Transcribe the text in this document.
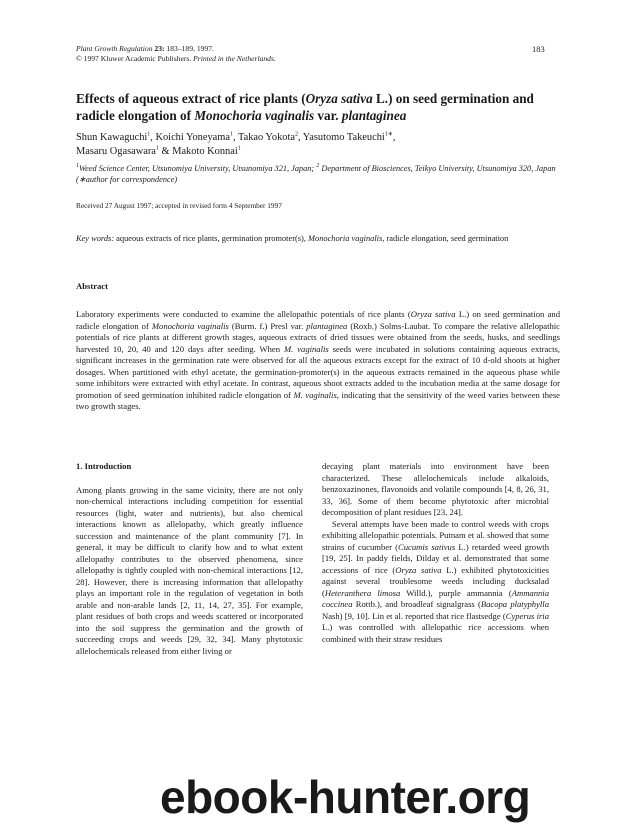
Plant Growth Regulation 23: 183–189, 1997.
© 1997 Kluwer Academic Publishers. Printed in the Netherlands.
183
Effects of aqueous extract of rice plants (Oryza sativa L.) on seed germination and radicle elongation of Monochoria vaginalis var. plantaginea
Shun Kawaguchi$^1$, Koichi Yoneyama$^1$, Takao Yokota$^2$, Yasutomo Takeuchi$^{1∗}$,
Masaru Ogasawara$^1$ & Makoto Konnai$^1$
$^1$Weed Science Center, Utsunomiya University, Utsunomiya 321, Japan; $^2$ Department of Biosciences, Teikyo University, Utsunomiya 320, Japan (∗author for correspondence)
Received 27 August 1997; accepted in revised form 4 September 1997
Key words: aqueous extracts of rice plants, germination promoter(s), Monochoria vaginalis, radicle elongation, seed germination
Abstract
Laboratory experiments were conducted to examine the allelopathic potentials of rice plants (Oryza sativa L.) on seed germination and radicle elongation of Monochoria vaginalis (Burm. f.) Presl var. plantaginea (Roxb.) Solms-Laubat. To compare the relative allelopathic potentials of rice plants at different growth stages, aqueous extracts of dried tissues were obtained from the seeds, husks, and seedlings harvested 10, 20, 40 and 120 days after seeding. When M. vaginalis seeds were incubated in solutions containing aqueous extracts, significant increases in the germination rate were observed for all the aqueous extracts except for the extract of 10 d-old shoots at higher dosages. When partitioned with ethyl acetate, the germination-promoter(s) in the aqueous extracts remained in the aqueous phase while some inhibitors were extracted with ethyl acetate. In contrast, aqueous shoot extracts added to the incubation media at the same dosage for promotion of seed germination inhibited radicle elongation of M. vaginalis, indicating that the sensitivity of the weed varies between these two growth stages.
1. Introduction

Among plants growing in the same vicinity, there are not only non-chemical interactions including competition for essential resources (light, water and nutrients), but also chemical interactions known as allelopathy, which greatly influence succession and maintenance of the plant community [7]. In general, it may be difficult to clarify how and to what extent allelopathy contributes to the observed phenomena, since allelopathy is tightly coupled with non-chemical interactions [12, 28]. However, there is increasing information that allelopathy plays an important role in the regulation of vegetation in both arable and non-arable lands [2, 11, 14, 27, 35]. For example, plant residues of both crops and weeds scattered or incorporated into the soil suppress the germination and the growth of succeeding crops and weeds [29, 32, 34]. Many phytotoxic allelochemicals released from either living or

decaying plant materials into environment have been characterized. These allelochemicals include alkaloids, benzoxazinones, flavonoids and volatile compounds [4, 8, 26, 31, 33, 36]. Some of them become phytotoxic after microbial decomposition of plant residues [23, 24].

Several attempts have been made to control weeds with crops exhibiting allelopathic potentials. Putnam et al. showed that some strains of cucumber (Cucumis sativus L.) retarded weed growth [19, 25]. In paddy fields, Dilday et al. demonstrated that some accessions of rice (Oryza sativa L.) exhibited phytotoxicities against several troublesome weeds including ducksalad (Heteranthera limosa Willd.), purple ammannia (Ammannia coccinea Rottb.), and broadleaf signalgrass (Bacopa platyphylla Nash) [9, 10]. Lin et al. reported that rice flastsedge (Cyperus iria L.) was controlled with allelopathic rice accessions when combined with their straw residues

ebook-hunter.org
